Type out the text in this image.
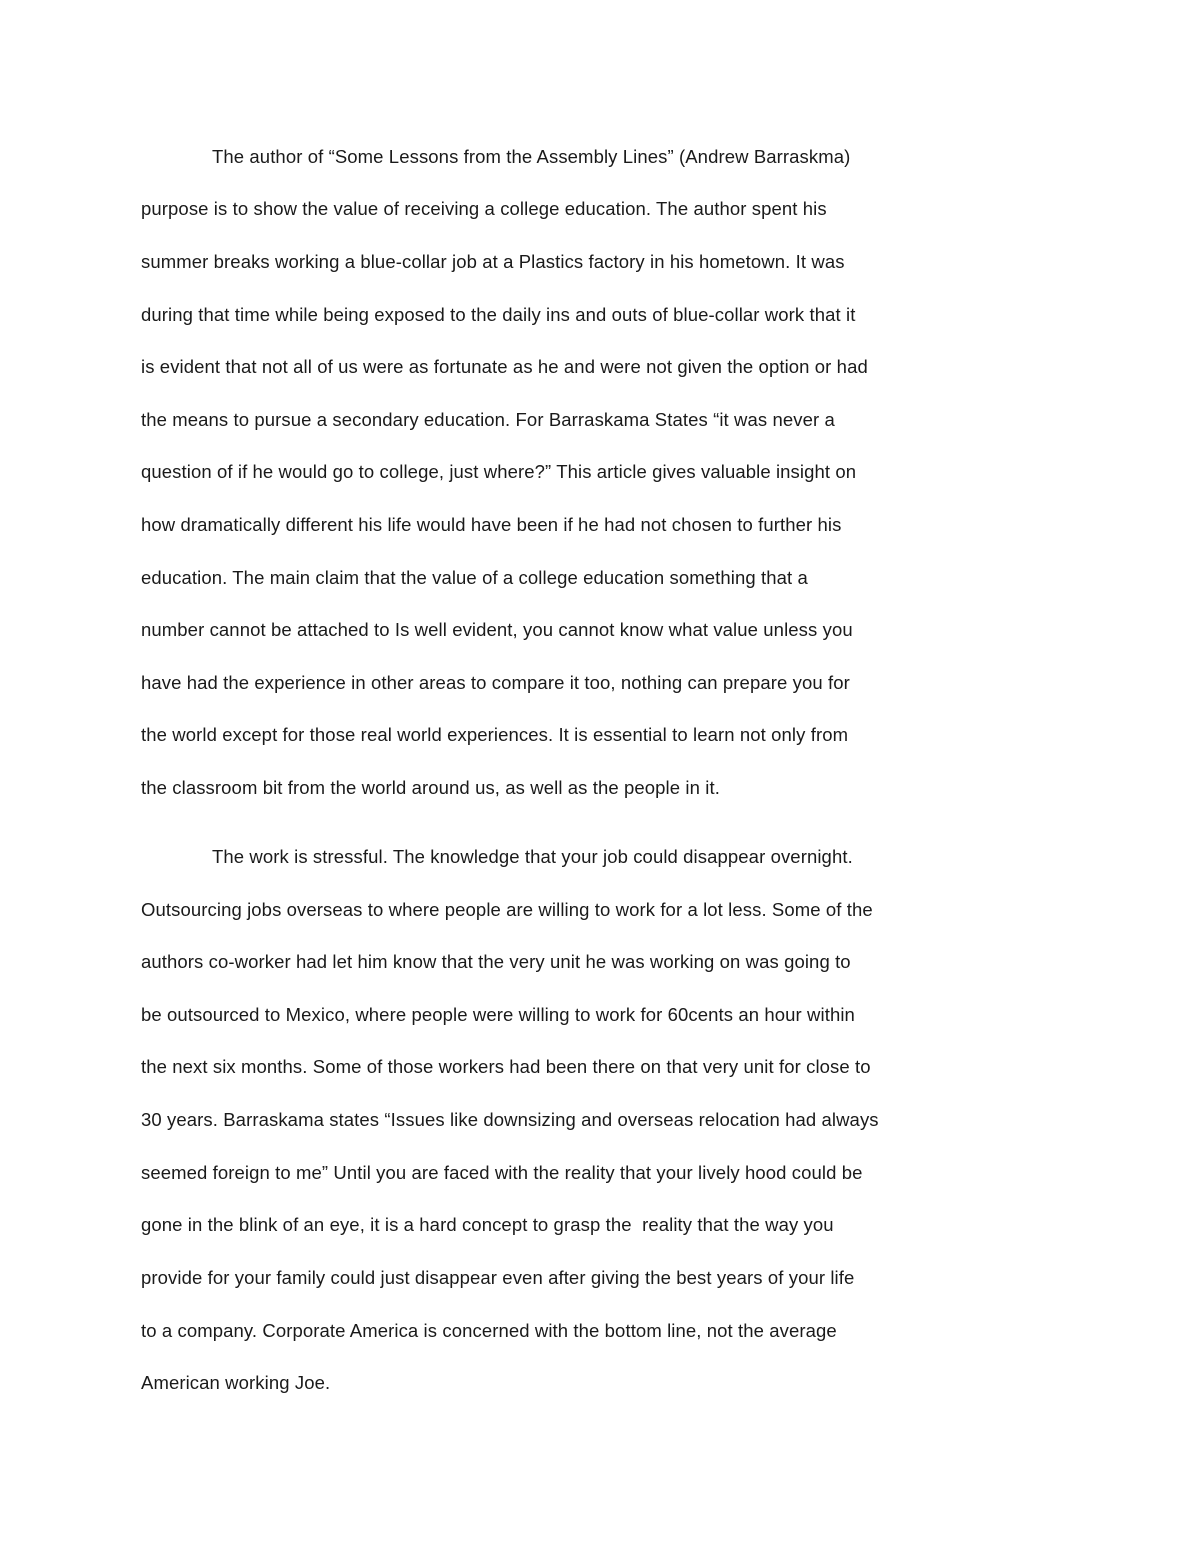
The author of “Some Lessons from the Assembly Lines” (Andrew Barraskma)
purpose is to show the value of receiving a college education. The author spent his
summer breaks working a blue-collar job at a Plastics factory in his hometown. It was
during that time while being exposed to the daily ins and outs of blue-collar work that it
is evident that not all of us were as fortunate as he and were not given the option or had
the means to pursue a secondary education. For Barraskama States “it was never a
question of if he would go to college, just where?” This article gives valuable insight on
how dramatically different his life would have been if he had not chosen to further his
education. The main claim that the value of a college education something that a
number cannot be attached to Is well evident, you cannot know what value unless you
have had the experience in other areas to compare it too, nothing can prepare you for
the world except for those real world experiences. It is essential to learn not only from
the classroom bit from the world around us, as well as the people in it.
The work is stressful. The knowledge that your job could disappear overnight.
Outsourcing jobs overseas to where people are willing to work for a lot less. Some of the
authors co-worker had let him know that the very unit he was working on was going to
be outsourced to Mexico, where people were willing to work for 60cents an hour within
the next six months. Some of those workers had been there on that very unit for close to
30 years. Barraskama states “Issues like downsizing and overseas relocation had always
seemed foreign to me” Until you are faced with the reality that your lively hood could be
gone in the blink of an eye, it is a hard concept to grasp the  reality that the way you
provide for your family could just disappear even after giving the best years of your life
to a company. Corporate America is concerned with the bottom line, not the average
American working Joe.
